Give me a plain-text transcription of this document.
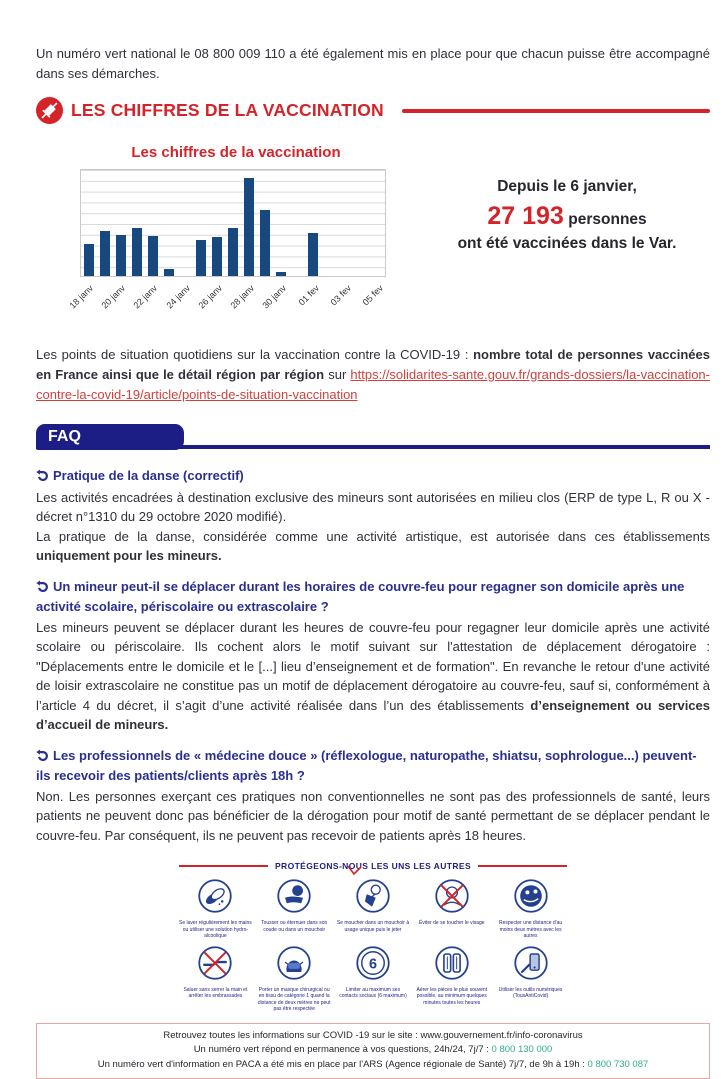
Un numéro vert national le 08 800 009 110 a été également mis en place pour que chacun puisse être accompagné dans ses démarches.

LES CHIFFRES DE LA VACCINATION
Les chiffres de la vaccination
18 janv 20 janv 22 janv 24 janv 26 janv 28 janv 30 janv 01 fev 03 fev 05 fev
Depuis le 6 janvier,
27 193 personnes
ont été vaccinées dans le Var.

Les points de situation quotidiens sur la vaccination contre la COVID-19 : nombre total de personnes vaccinées en France ainsi que le détail région par région sur https://solidarites-sante.gouv.fr/grands-dossiers/la-vaccination-contre-la-covid-19/article/points-de-situation-vaccination

FAQ
Pratique de la danse (correctif)

Les activités encadrées à destination exclusive des mineurs sont autorisées en milieu clos (ERP de type L, R ou X - décret n°1310 du 29 octobre 2020 modifié).
La pratique de la danse, considérée comme une activité artistique, est autorisée dans ces établissements uniquement pour les mineurs.

Un mineur peut-il se déplacer durant les horaires de couvre-feu pour regagner son domicile après une activité scolaire, périscolaire ou extrascolaire ?

Les mineurs peuvent se déplacer durant les heures de couvre-feu pour regagner leur domicile après une activité scolaire ou périscolaire. Ils cochent alors le motif suivant sur l'attestation de déplacement dérogatoire : "Déplacements entre le domicile et le [...] lieu d’enseignement et de formation". En revanche le retour d'une activité de loisir extrascolaire ne constitue pas un motif de déplacement dérogatoire au couvre-feu, sauf si, conformément à l’article 4 du décret, il s’agit d’une activité réalisée dans l’un des établissements d’enseignement ou services d’accueil de mineurs.

Les professionnels de « médecine douce » (réflexologue, naturopathe, shiatsu, sophrologue...) peuvent-ils recevoir des patients/clients après 18h ?

Non. Les personnes exerçant ces pratiques non conventionnelles ne sont pas des professionnels de santé, leurs patients ne peuvent donc pas bénéficier de la dérogation pour motif de santé permettant de se déplacer pendant le couvre-feu. Par conséquent, ils ne peuvent pas recevoir de patients après 18 heures.

PROTÉGEONS-NOUS LES UNS LES AUTRES
Se laver régulièrement les mains ou utiliser une solution hydro-alcoolique
Tousser ou éternuer dans son coude ou dans un mouchoir
Se moucher dans un mouchoir à usage unique puis le jeter
Éviter de se toucher le visage	Respecter une distance d'au moins deux mètres avec les autres
Saluer sans serrer la main et arrêter les embrassades
Porter un masque chirurgical ou en tissu de catégorie 1 quand la distance de deux mètres ne peut pas être respectée
6
Limiter au maximum ses contacts sociaux (6 maximum)
Aérer les pièces le plus souvent possible, au minimum quelques minutes toutes les heures
Utiliser les outils numériques (TousAntiCovid)
Retrouvez toutes les informations sur COVID -19 sur le site : www.gouvernement.fr/info-coronavirus
Un numéro vert répond en permanence à vos questions, 24h/24, 7j/7 : 0 800 130 000
Un numéro vert d'information en PACA a été mis en place par l'ARS (Agence régionale de Santé) 7j/7, de 9h à 19h : 0 800 730 087
